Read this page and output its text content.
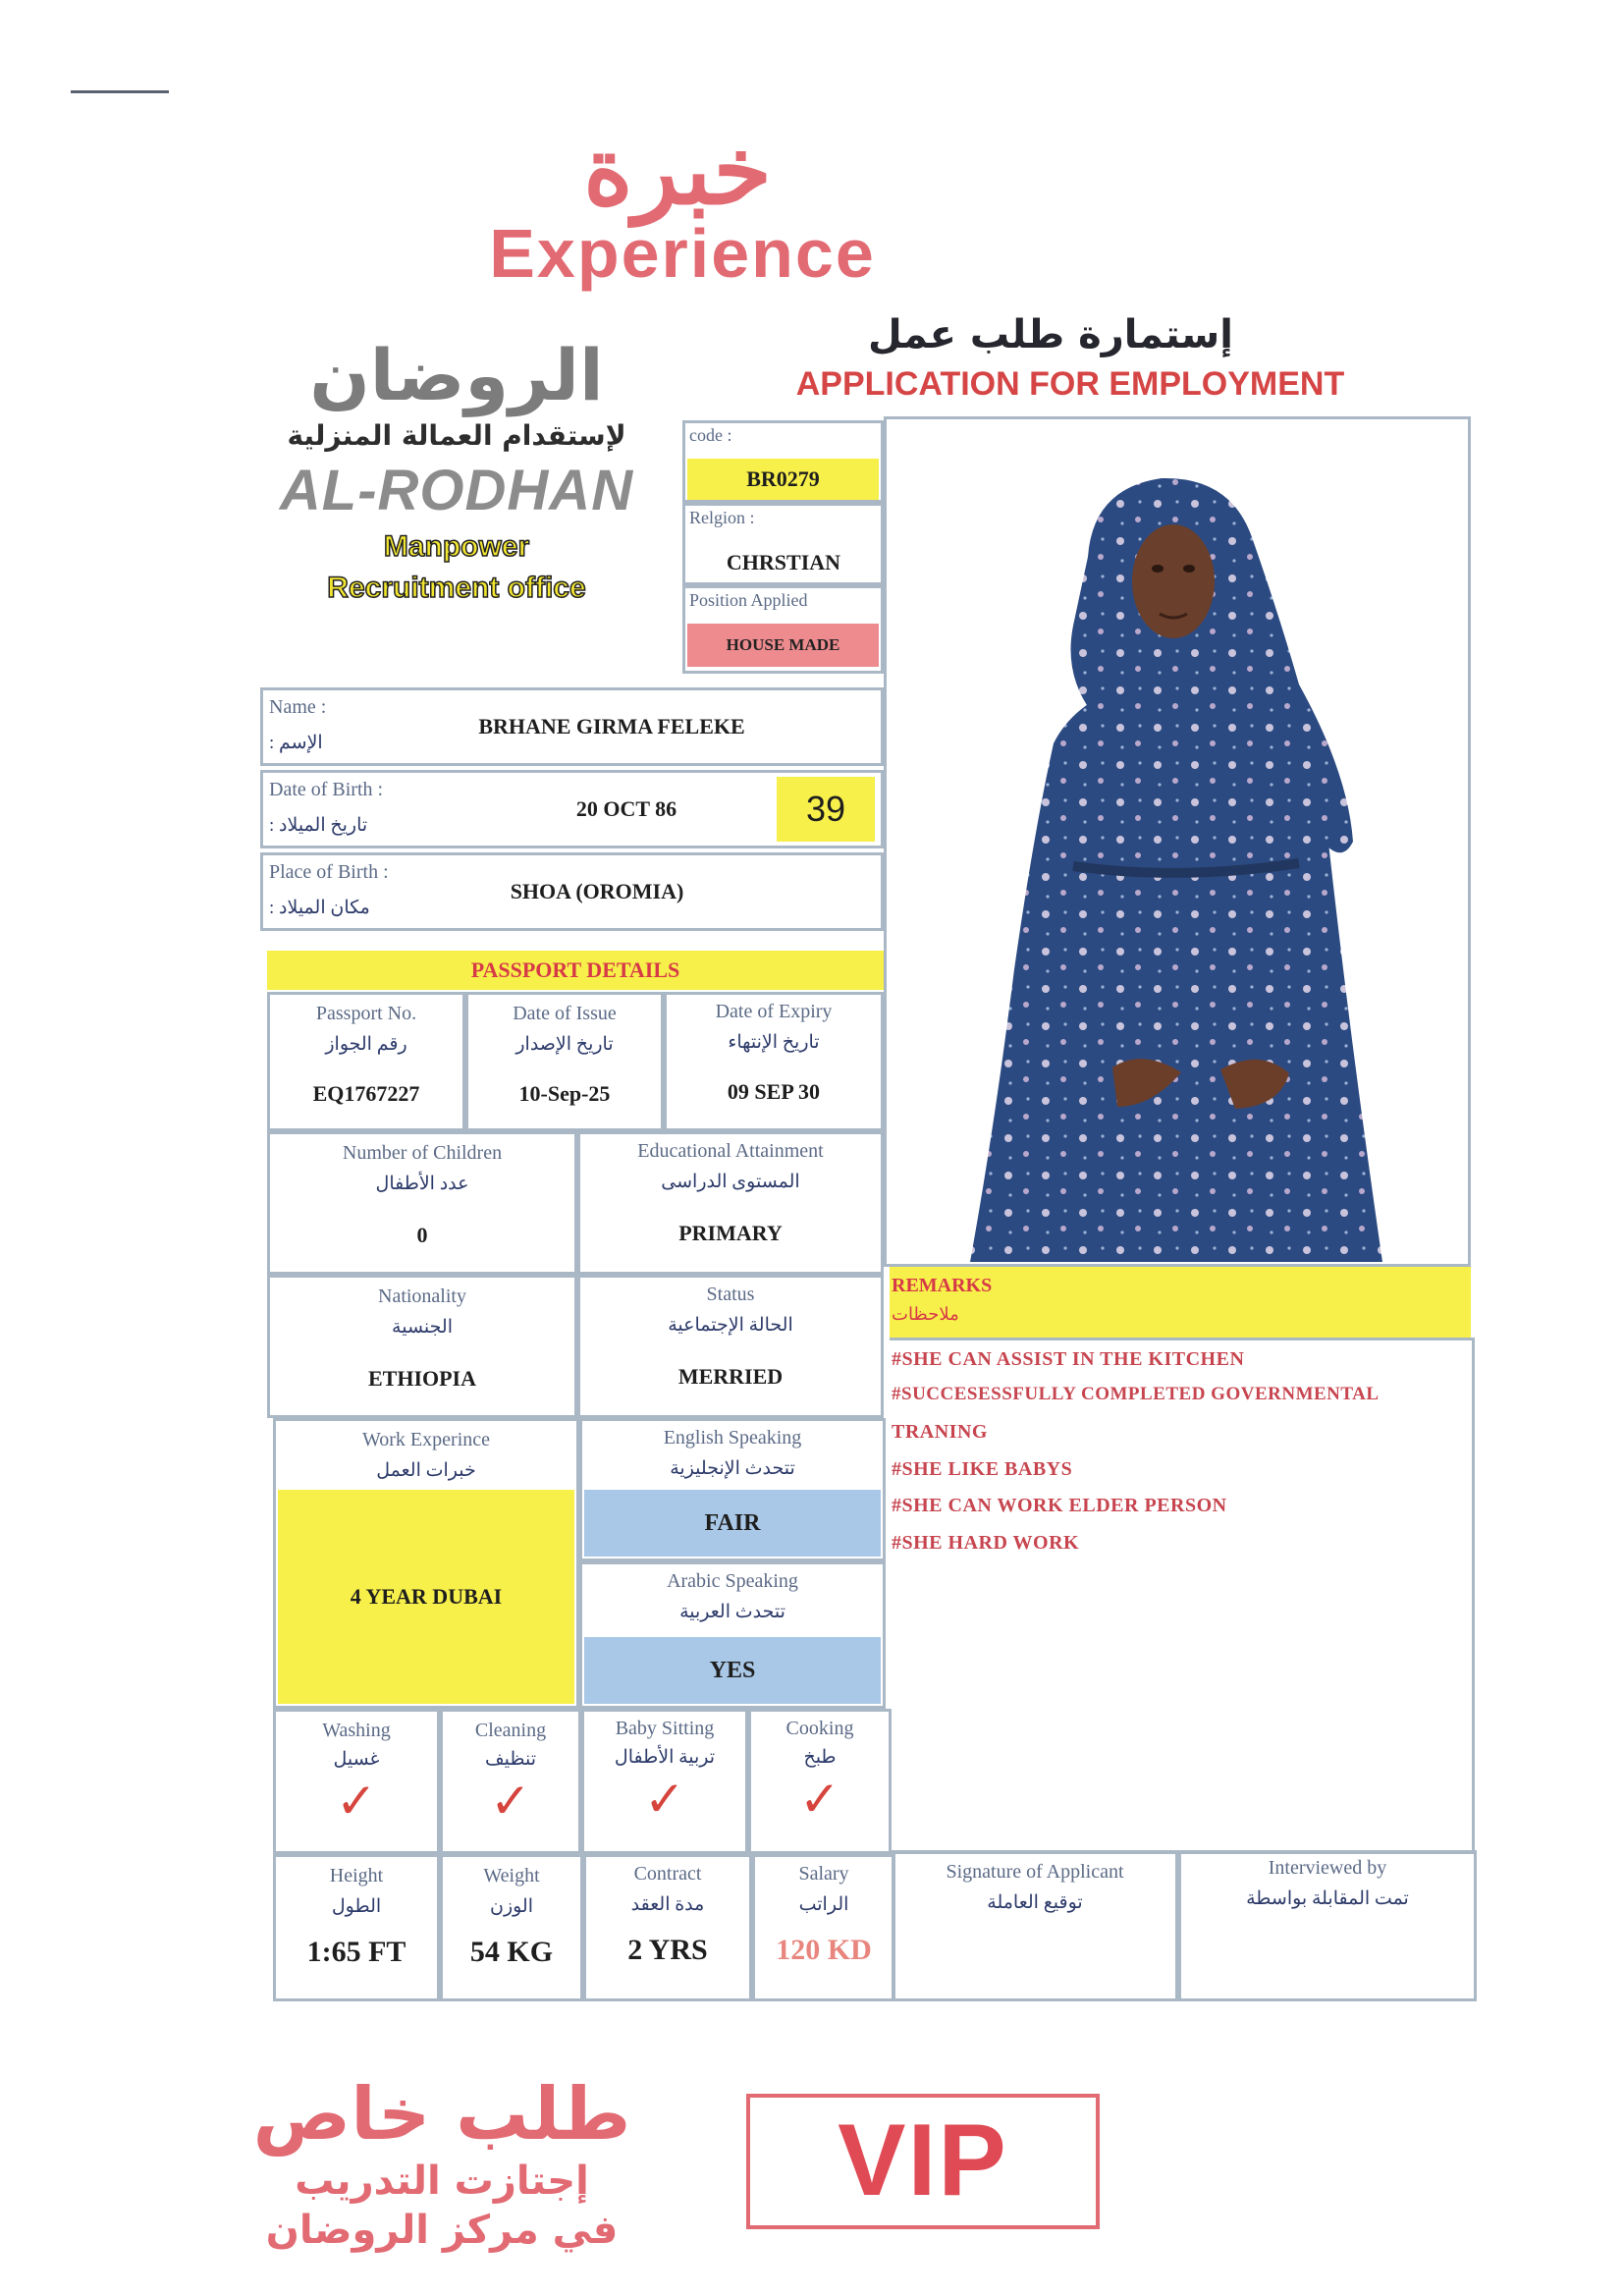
خبرة
Experience
إستمارة طلب عمل
APPLICATION FOR EMPLOYMENT
الروضان
لإستقدام العمالة المنزلية
AL-RODHAN
Manpower
Recruitment office
code :
BR0279
Relgion :
CHRSTIAN
Position Applied
HOUSE MADE
Name :
الإسم :
BRHANE GIRMA FELEKE
Date of Birth :
تاريخ الميلاد :
20 OCT 86	39
Place of Birth :
مكان الميلاد :
SHOA (OROMIA)
PASSPORT DETAILS
Passport No.
رقم الجواز
EQ1767227
Date of Issue
تاريخ الإصدار
10-Sep-25
Date of Expiry
تاريخ الإنتهاء
09 SEP 30
Number of Children
عدد الأطفال
0
Educational Attainment
المستوى الدراسى
PRIMARY
Nationality
الجنسية
ETHIOPIA
Status
الحالة الإجتماعية
MERRIED
Work Experince
خبرات العمل
4 YEAR DUBAI
English Speaking
تتحدث الإنجليزية
FAIR
Arabic Speaking
تتحدث العربية
YES
Washing
غسيل
✓
Cleaning
تنظيف
✓
Baby Sitting
تربية الأطفال
✓
Cooking
طبخ
✓
Height
الطول
1:65 FT
Weight
الوزن
54 KG
Contract
مدة العقد
2 YRS
Salary
الراتب
120 KD
REMARKS
ملاحظات
#SHE CAN ASSIST IN THE KITCHEN
#SUCCESESSFULLY COMPLETED GOVERNMENTAL
TRANING
#SHE LIKE BABYS
#SHE CAN WORK ELDER PERSON
#SHE HARD WORK
Signature of Applicant
توقيع العاملة
Interviewed by
تمت المقابلة بواسطة
طلب خاص
إجتازت التدريب
في مركز الروضان
VIP
